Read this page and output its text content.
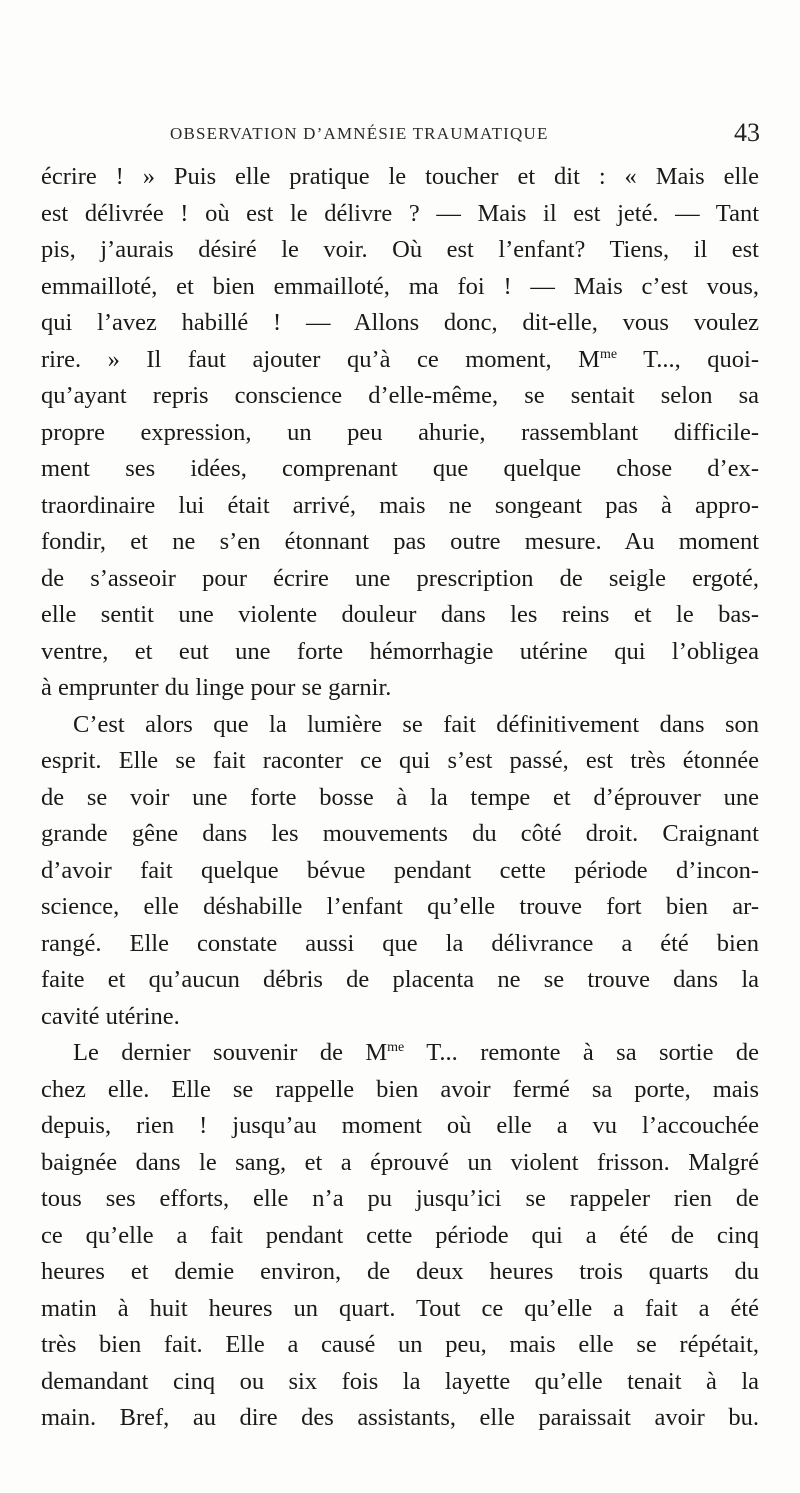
OBSERVATION D’AMNÉSIE TRAUMATIQUE	43
écrire ! » Puis elle pratique le toucher et dit : « Mais elle
est délivrée ! où est le délivre ? — Mais il est jeté. — Tant
pis, j’aurais désiré le voir. Où est l’enfant? Tiens, il est
emmailloté, et bien emmailloté, ma foi ! — Mais c’est vous,
qui l’avez habillé ! — Allons donc, dit-elle, vous voulez
rire. » Il faut ajouter qu’à ce moment, $M^{me}$ T..., quoi-
qu’ayant repris conscience d’elle-même, se sentait selon sa
propre expression, un peu ahurie, rassemblant difficile-
ment ses idées, comprenant que quelque chose d’ex-
traordinaire lui était arrivé, mais ne songeant pas à appro-
fondir, et ne s’en étonnant pas outre mesure. Au moment
de s’asseoir pour écrire une prescription de seigle ergoté,
elle sentit une violente douleur dans les reins et le bas-
ventre, et eut une forte hémorrhagie utérine qui l’obligea
à emprunter du linge pour se garnir.
C’est alors que la lumière se fait définitivement dans son
esprit. Elle se fait raconter ce qui s’est passé, est très étonnée
de se voir une forte bosse à la tempe et d’éprouver une
grande gêne dans les mouvements du côté droit. Craignant
d’avoir fait quelque bévue pendant cette période d’incon-
science, elle déshabille l’enfant qu’elle trouve fort bien ar-
rangé. Elle constate aussi que la délivrance a été bien
faite et qu’aucun débris de placenta ne se trouve dans la
cavité utérine.
Le dernier souvenir de $M^{me}$ T... remonte à sa sortie de
chez elle. Elle se rappelle bien avoir fermé sa porte, mais
depuis, rien ! jusqu’au moment où elle a vu l’accouchée
baignée dans le sang, et a éprouvé un violent frisson. Malgré
tous ses efforts, elle n’a pu jusqu’ici se rappeler rien de
ce qu’elle a fait pendant cette période qui a été de cinq
heures et demie environ, de deux heures trois quarts du
matin à huit heures un quart. Tout ce qu’elle a fait a été
très bien fait. Elle a causé un peu, mais elle se répétait,
demandant cinq ou six fois la layette qu’elle tenait à la
main. Bref, au dire des assistants, elle paraissait avoir bu.
